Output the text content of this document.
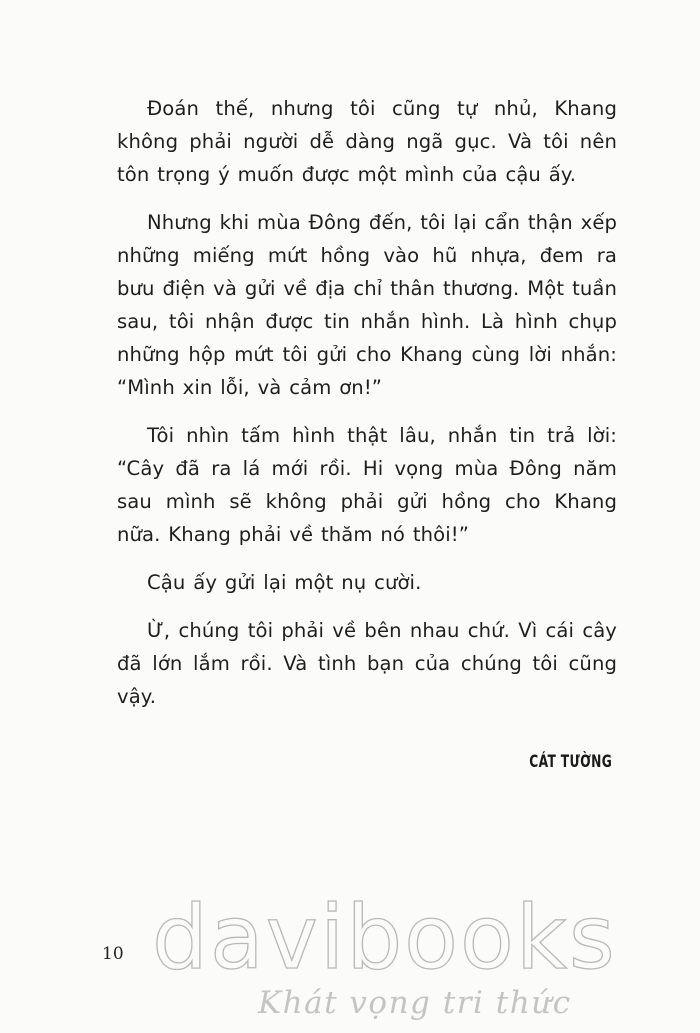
Đoán thế, nhưng tôi cũng tự nhủ, Khang không phải người dễ dàng ngã gục. Và tôi nên tôn trọng ý muốn được một mình của cậu ấy.

Nhưng khi mùa Đông đến, tôi lại cẩn thận xếp những miếng mứt hồng vào hũ nhựa, đem ra bưu điện và gửi về địa chỉ thân thương. Một tuần sau, tôi nhận được tin nhắn hình. Là hình chụp những hộp mứt tôi gửi cho Khang cùng lời nhắn: “Mình xin lỗi, và cảm ơn!”

Tôi nhìn tấm hình thật lâu, nhắn tin trả lời: “Cây đã ra lá mới rồi. Hi vọng mùa Đông năm sau mình sẽ không phải gửi hồng cho Khang nữa. Khang phải về thăm nó thôi!”

Cậu ấy gửi lại một nụ cười.

Ừ, chúng tôi phải về bên nhau chứ. Vì cái cây đã lớn lắm rồi. Và tình bạn của chúng tôi cũng vậy.

CÁT TƯỜNG
10 davibooks
Khát vọng tri thức
